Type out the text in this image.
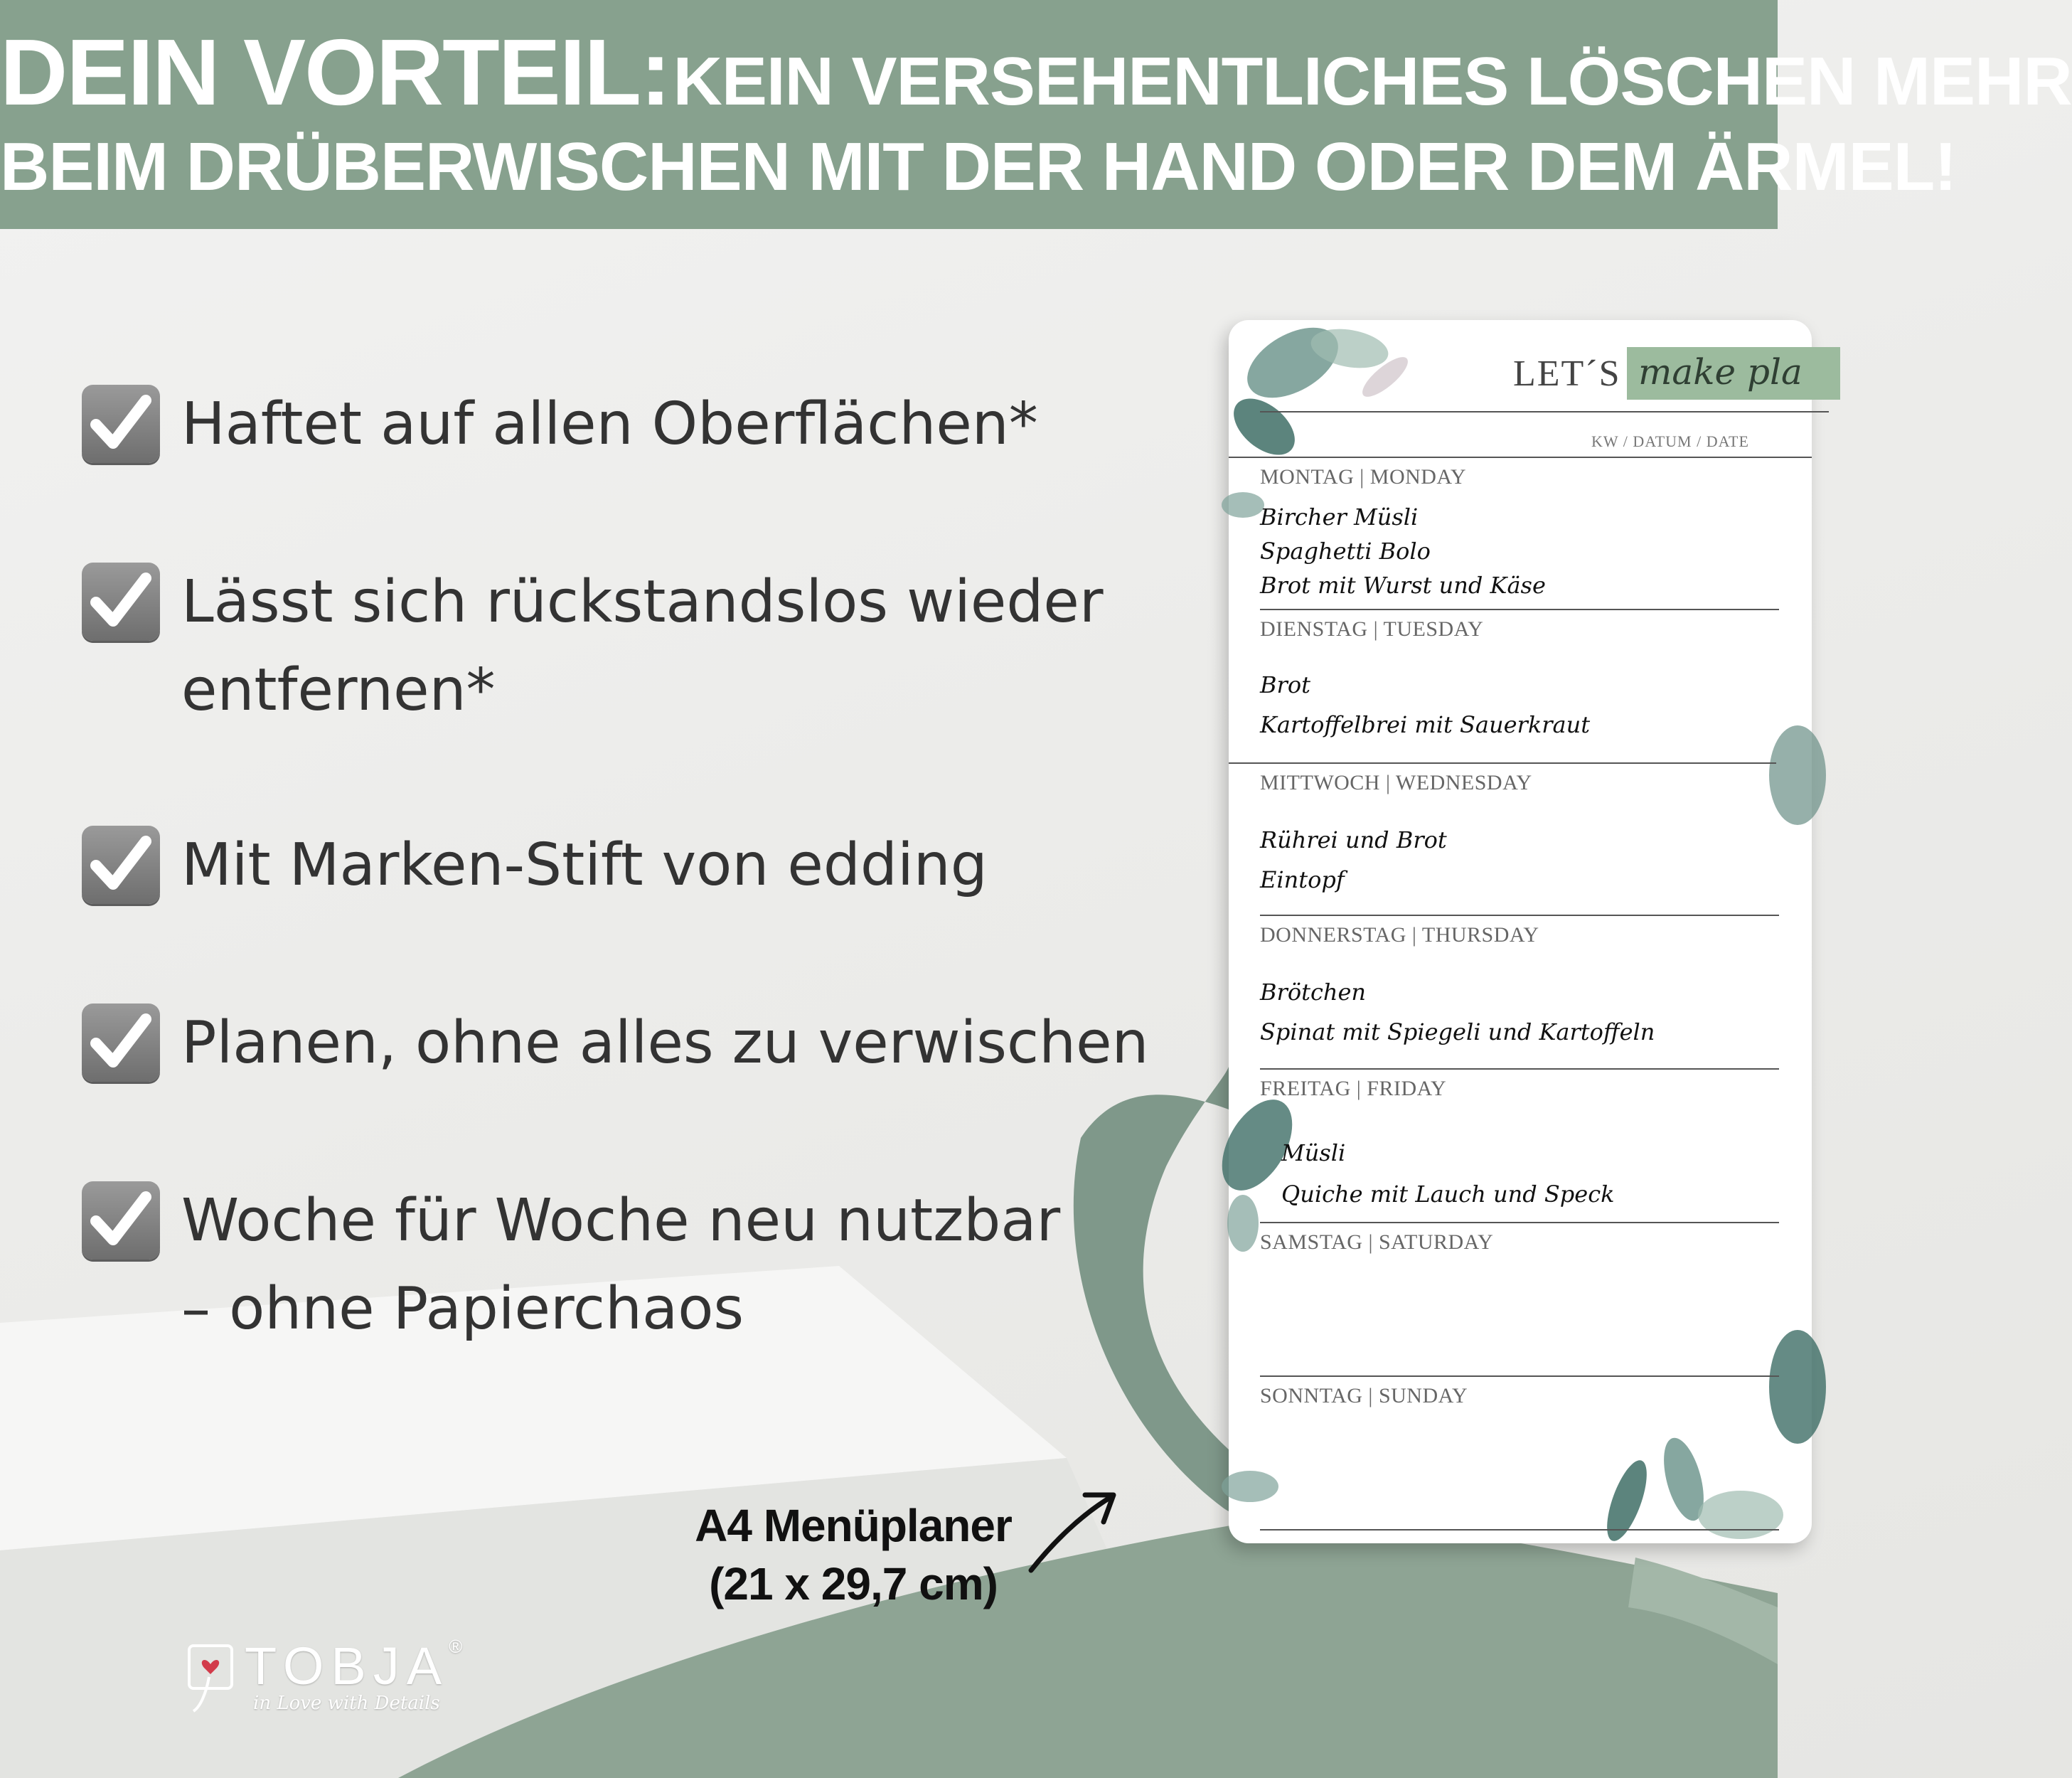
DEIN VORTEIL: KEIN VERSEHENTLICHES LÖSCHEN MEHR
BEIM DRÜBERWISCHEN MIT DER HAND ODER DEM ÄRMEL!
Haftet auf allen Oberflächen*
Lässt sich rückstandslos wieder
entfernen*
Mit Marken-Stift von edding
Planen, ohne alles zu verwischen
Woche für Woche neu nutzbar
– ohne Papierchaos
A4 Menüplaner
(21 x 29,7 cm)
LET´S make pla
KW / DATUM / DATE
MONTAG | MONDAY
Bircher Müsli
Spaghetti Bolo
Brot mit Wurst und Käse
DIENSTAG | TUESDAY
Brot
Kartoffelbrei mit Sauerkraut
MITTWOCH | WEDNESDAY
Rührei und Brot
Eintopf
DONNERSTAG | THURSDAY
Brötchen
Spinat mit Spiegeli und Kartoffeln
FREITAG | FRIDAY
Müsli
Quiche mit Lauch und Speck
SAMSTAG | SATURDAY
SONNTAG | SUNDAY
TOBJA®
in Love with Details
